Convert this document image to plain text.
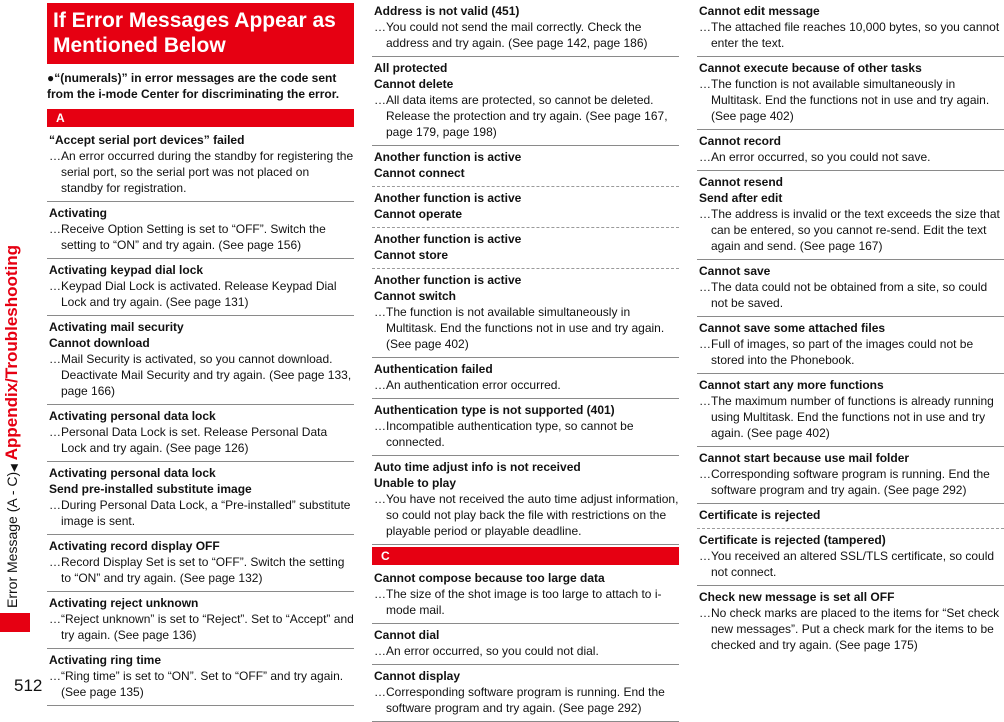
Error Message (A - C)◀ Appendix/Troubleshooting
512
If Error Messages Appear as Mentioned Below
●“(numerals)” in error messages are the code sent from the i-mode Center for discriminating the error.
A
“Accept serial port devices” failed
… An error occurred during the standby for registering the serial port, so the serial port was not placed on standby for registration.
Activating
… Receive Option Setting is set to “OFF”. Switch the setting to “ON” and try again. (See page 156)
Activating keypad dial lock
… Keypad Dial Lock is activated. Release Keypad Dial Lock and try again. (See page 131)
Activating mail security
Cannot download
… Mail Security is activated, so you cannot download. Deactivate Mail Security and try again. (See page 133, page 166)
Activating personal data lock
… Personal Data Lock is set. Release Personal Data Lock and try again. (See page 126)
Activating personal data lock
Send pre-installed substitute image
… During Personal Data Lock, a “Pre-installed” substitute image is sent.
Activating record display OFF
… Record Display Set is set to “OFF”. Switch the setting to “ON” and try again. (See page 132)
Activating reject unknown
… “Reject unknown” is set to “Reject”. Set to “Accept” and try again. (See page 136)
Activating ring time
… “Ring time” is set to “ON”. Set to “OFF” and try again. (See page 135)
Address is not valid (451)
… You could not send the mail correctly. Check the address and try again. (See page 142, page 186)
All protected
Cannot delete
… All data items are protected, so cannot be deleted. Release the protection and try again. (See page 167, page 179, page 198)
Another function is active
Cannot connect
Another function is active
Cannot operate
Another function is active
Cannot store
Another function is active
Cannot switch
… The function is not available simultaneously in Multitask. End the functions not in use and try again. (See page 402)
Authentication failed
… An authentication error occurred.
Authentication type is not supported (401)
… Incompatible authentication type, so cannot be connected.
Auto time adjust info is not received
Unable to play
… You have not received the auto time adjust information, so could not play back the file with restrictions on the playable period or playable deadline.
C
Cannot compose because too large data
… The size of the shot image is too large to attach to i-mode mail.
Cannot dial
… An error occurred, so you could not dial.
Cannot display
… Corresponding software program is running. End the software program and try again. (See page 292)
Cannot edit message
… The attached file reaches 10,000 bytes, so you cannot enter the text.
Cannot execute because of other tasks
… The function is not available simultaneously in Multitask. End the functions not in use and try again. (See page 402)
Cannot record
… An error occurred, so you could not save.
Cannot resend
Send after edit
… The address is invalid or the text exceeds the size that can be entered, so you cannot re-send. Edit the text again and send. (See page 167)
Cannot save
… The data could not be obtained from a site, so could not be saved.
Cannot save some attached files
… Full of images, so part of the images could not be stored into the Phonebook.
Cannot start any more functions
… The maximum number of functions is already running using Multitask. End the functions not in use and try again. (See page 402)
Cannot start because use mail folder
… Corresponding software program is running. End the software program and try again. (See page 292)
Certificate is rejected
Certificate is rejected (tampered)
… You received an altered SSL/TLS certificate, so could not connect.
Check new message is set all OFF
… No check marks are placed to the items for “Set check new messages”. Put a check mark for the items to be checked and try again. (See page 175)
